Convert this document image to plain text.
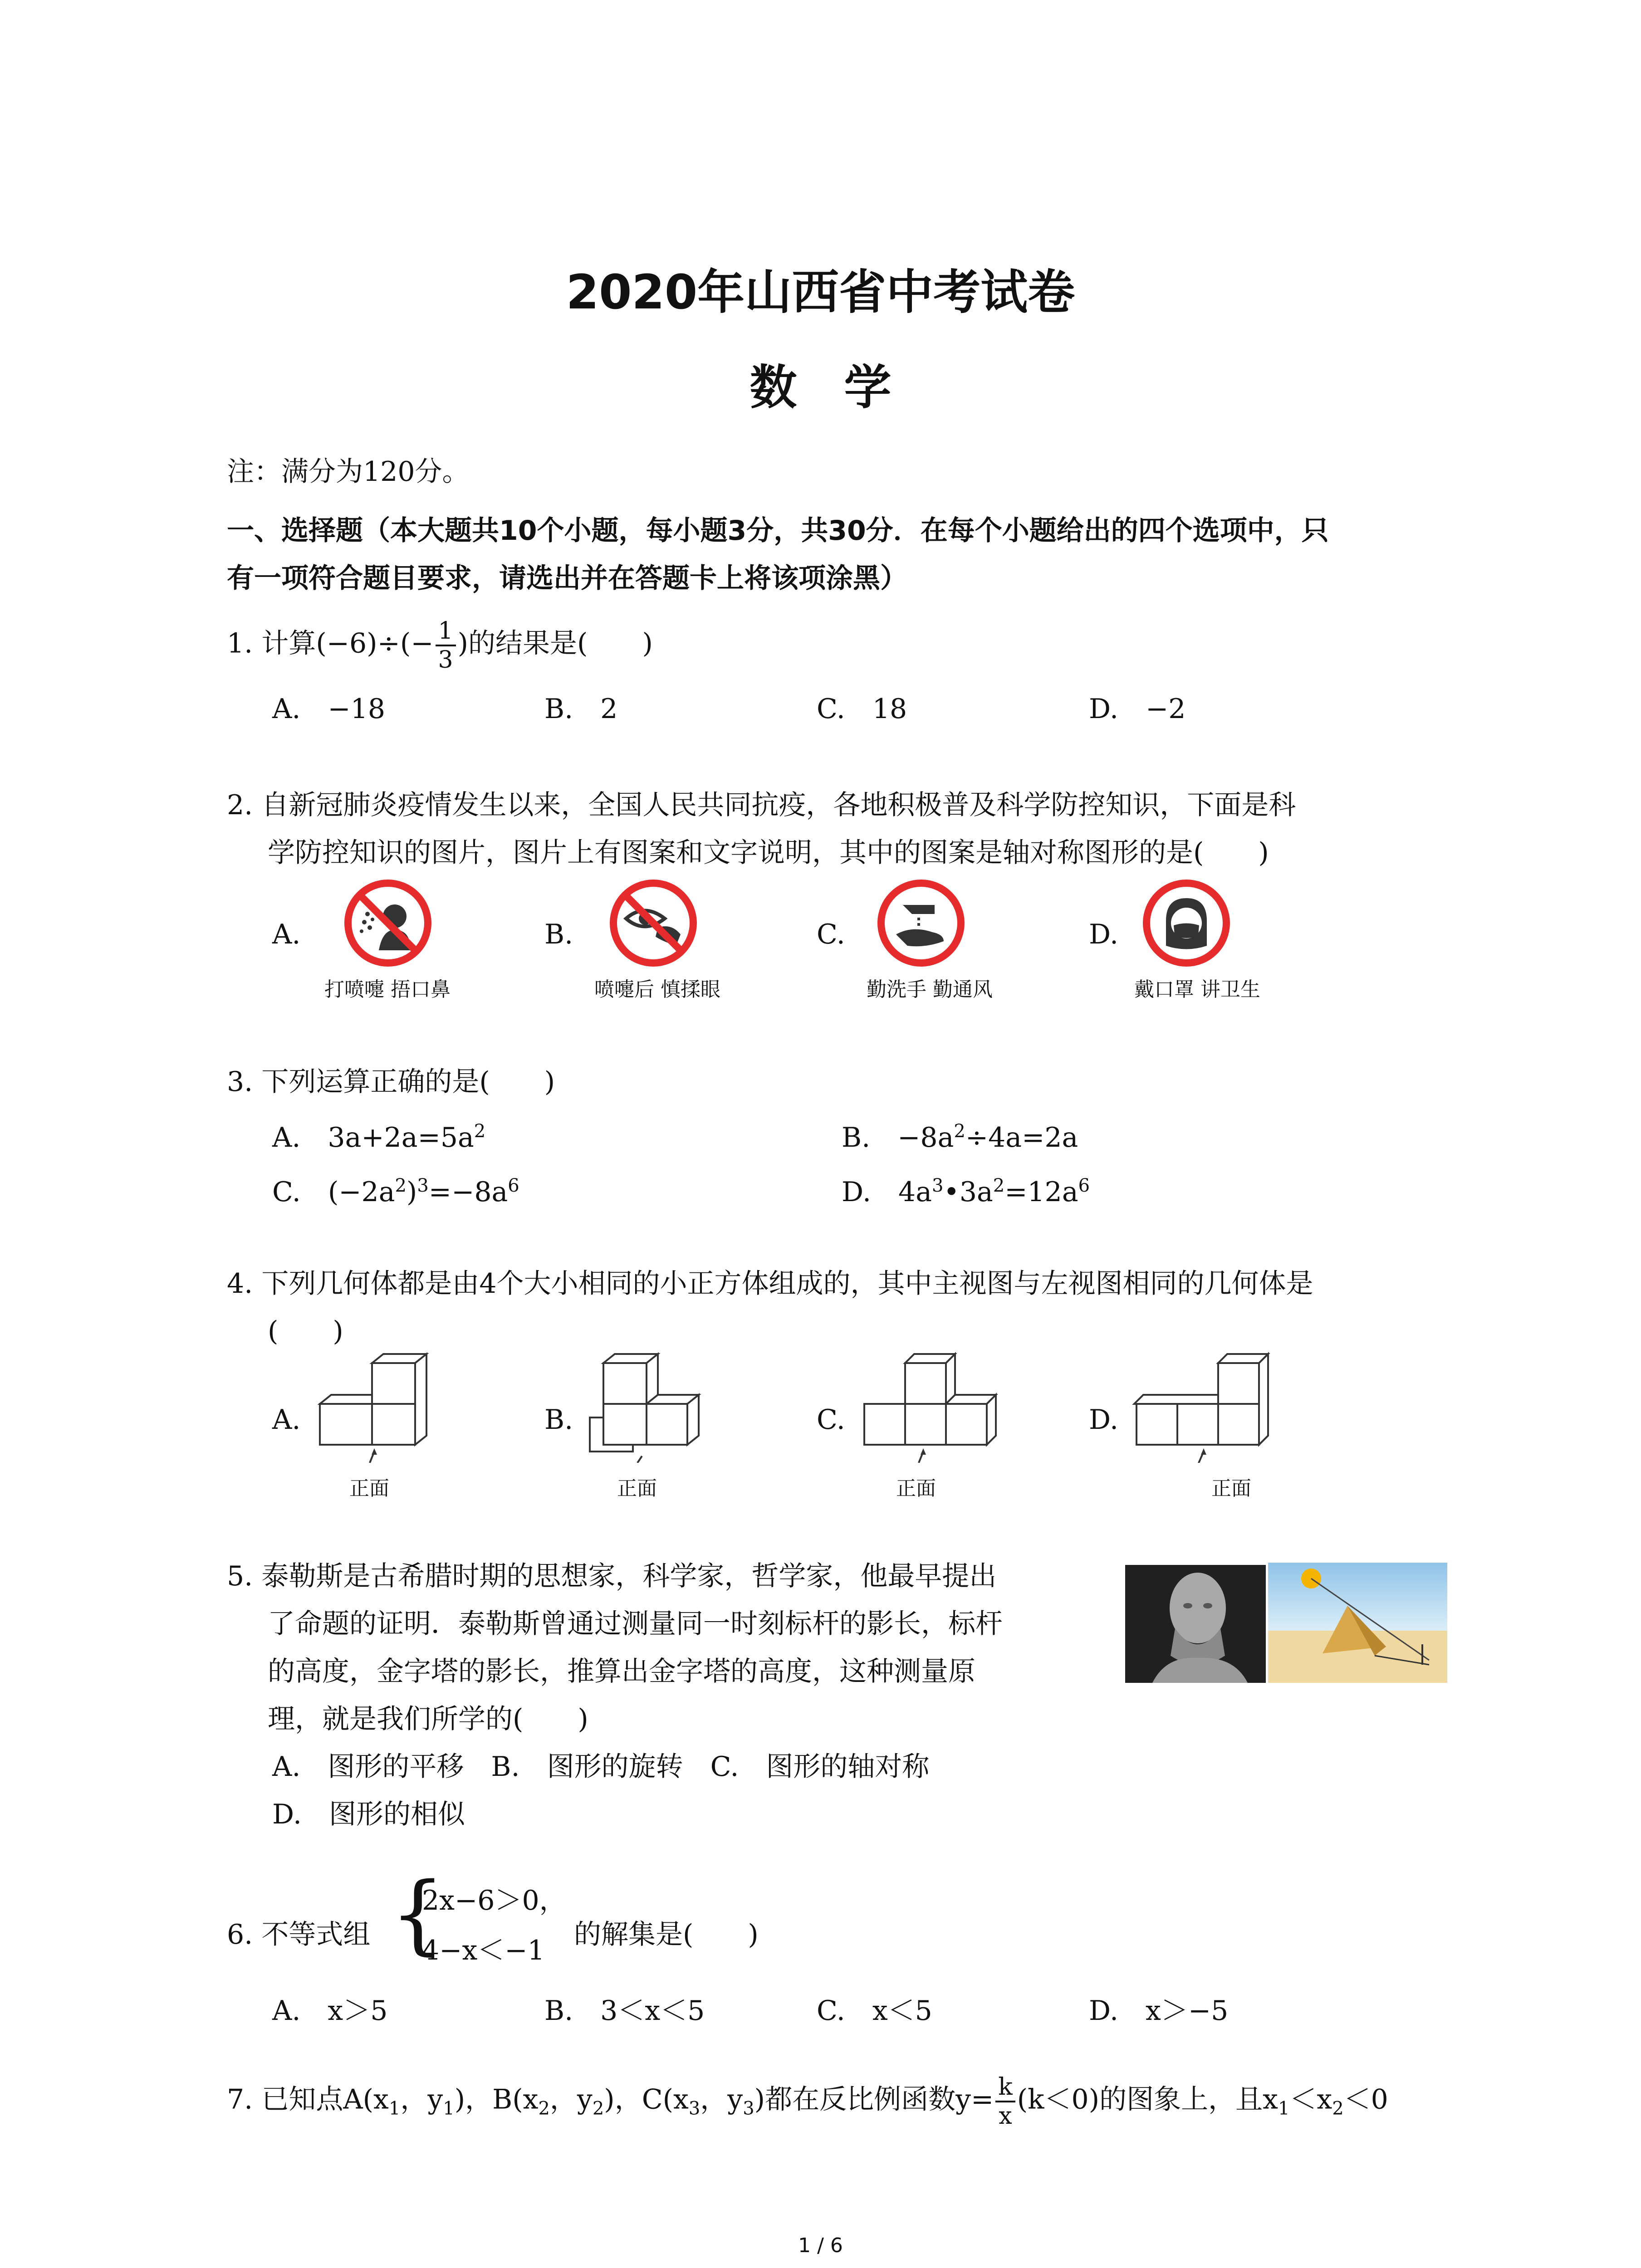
2020年山西省中考试卷
数　学
注：满分为120分。
一、选择题（本大题共10个小题，每小题3分，共30分．在每个小题给出的四个选项中，只
有一项符合题目要求，请选出并在答题卡上将该项涂黑）
1. 计算$(-6)\div(- \frac{1}{3}$ )的结果是(　　)
A.　−18	B.　2	C.　18	D.　−2
2. 自新冠肺炎疫情发生以来，全国人民共同抗疫，各地积极普及科学防控知识，下面是科
学防控知识的图片，图片上有图案和文字说明，其中的图案是轴对称图形的是(　　)
A.	B.	C.	D.
打喷嚏 捂口鼻	喷嚏后 慎揉眼	勤洗手 勤通风	戴口罩 讲卫生
3. 下列运算正确的是(　　)
A.　$3a+2a=5a^2$	B.　$-8a^2\div 4a=2a$
C.　$(-2a^2)^3=-8a^6$	D.　$4a^3•3a^2=12a^6$
4. 下列几何体都是由4个大小相同的小正方体组成的，其中主视图与左视图相同的几何体是
(　　)
A.	B.	C.	D.
正面	正面	正面	正面
5. 泰勒斯是古希腊时期的思想家，科学家，哲学家，他最早提出
了命题的证明．泰勒斯曾通过测量同一时刻标杆的影长，标杆
的高度，金字塔的影长，推算出金字塔的高度，这种测量原
理，就是我们所学的(　　)
A.　图形的平移　B.　图形的旋转　C.　图形的轴对称
D.　图形的相似
6. 不等式组 {
2x−6＞0，
4−x＜−1 的解集是(　　)
A.　x＞5	B.　3＜x＜5	C.　x＜5	D.　x＞−5
7. 已知点$A(x_1$，$y_1$)，$B(x_2$，$y_2$)，$C(x_3$，$y_3$)都在反比例函数$y= \frac{k}{x} (k<0)$的图象上，且$x_1<x_2<0$
1 / 6
